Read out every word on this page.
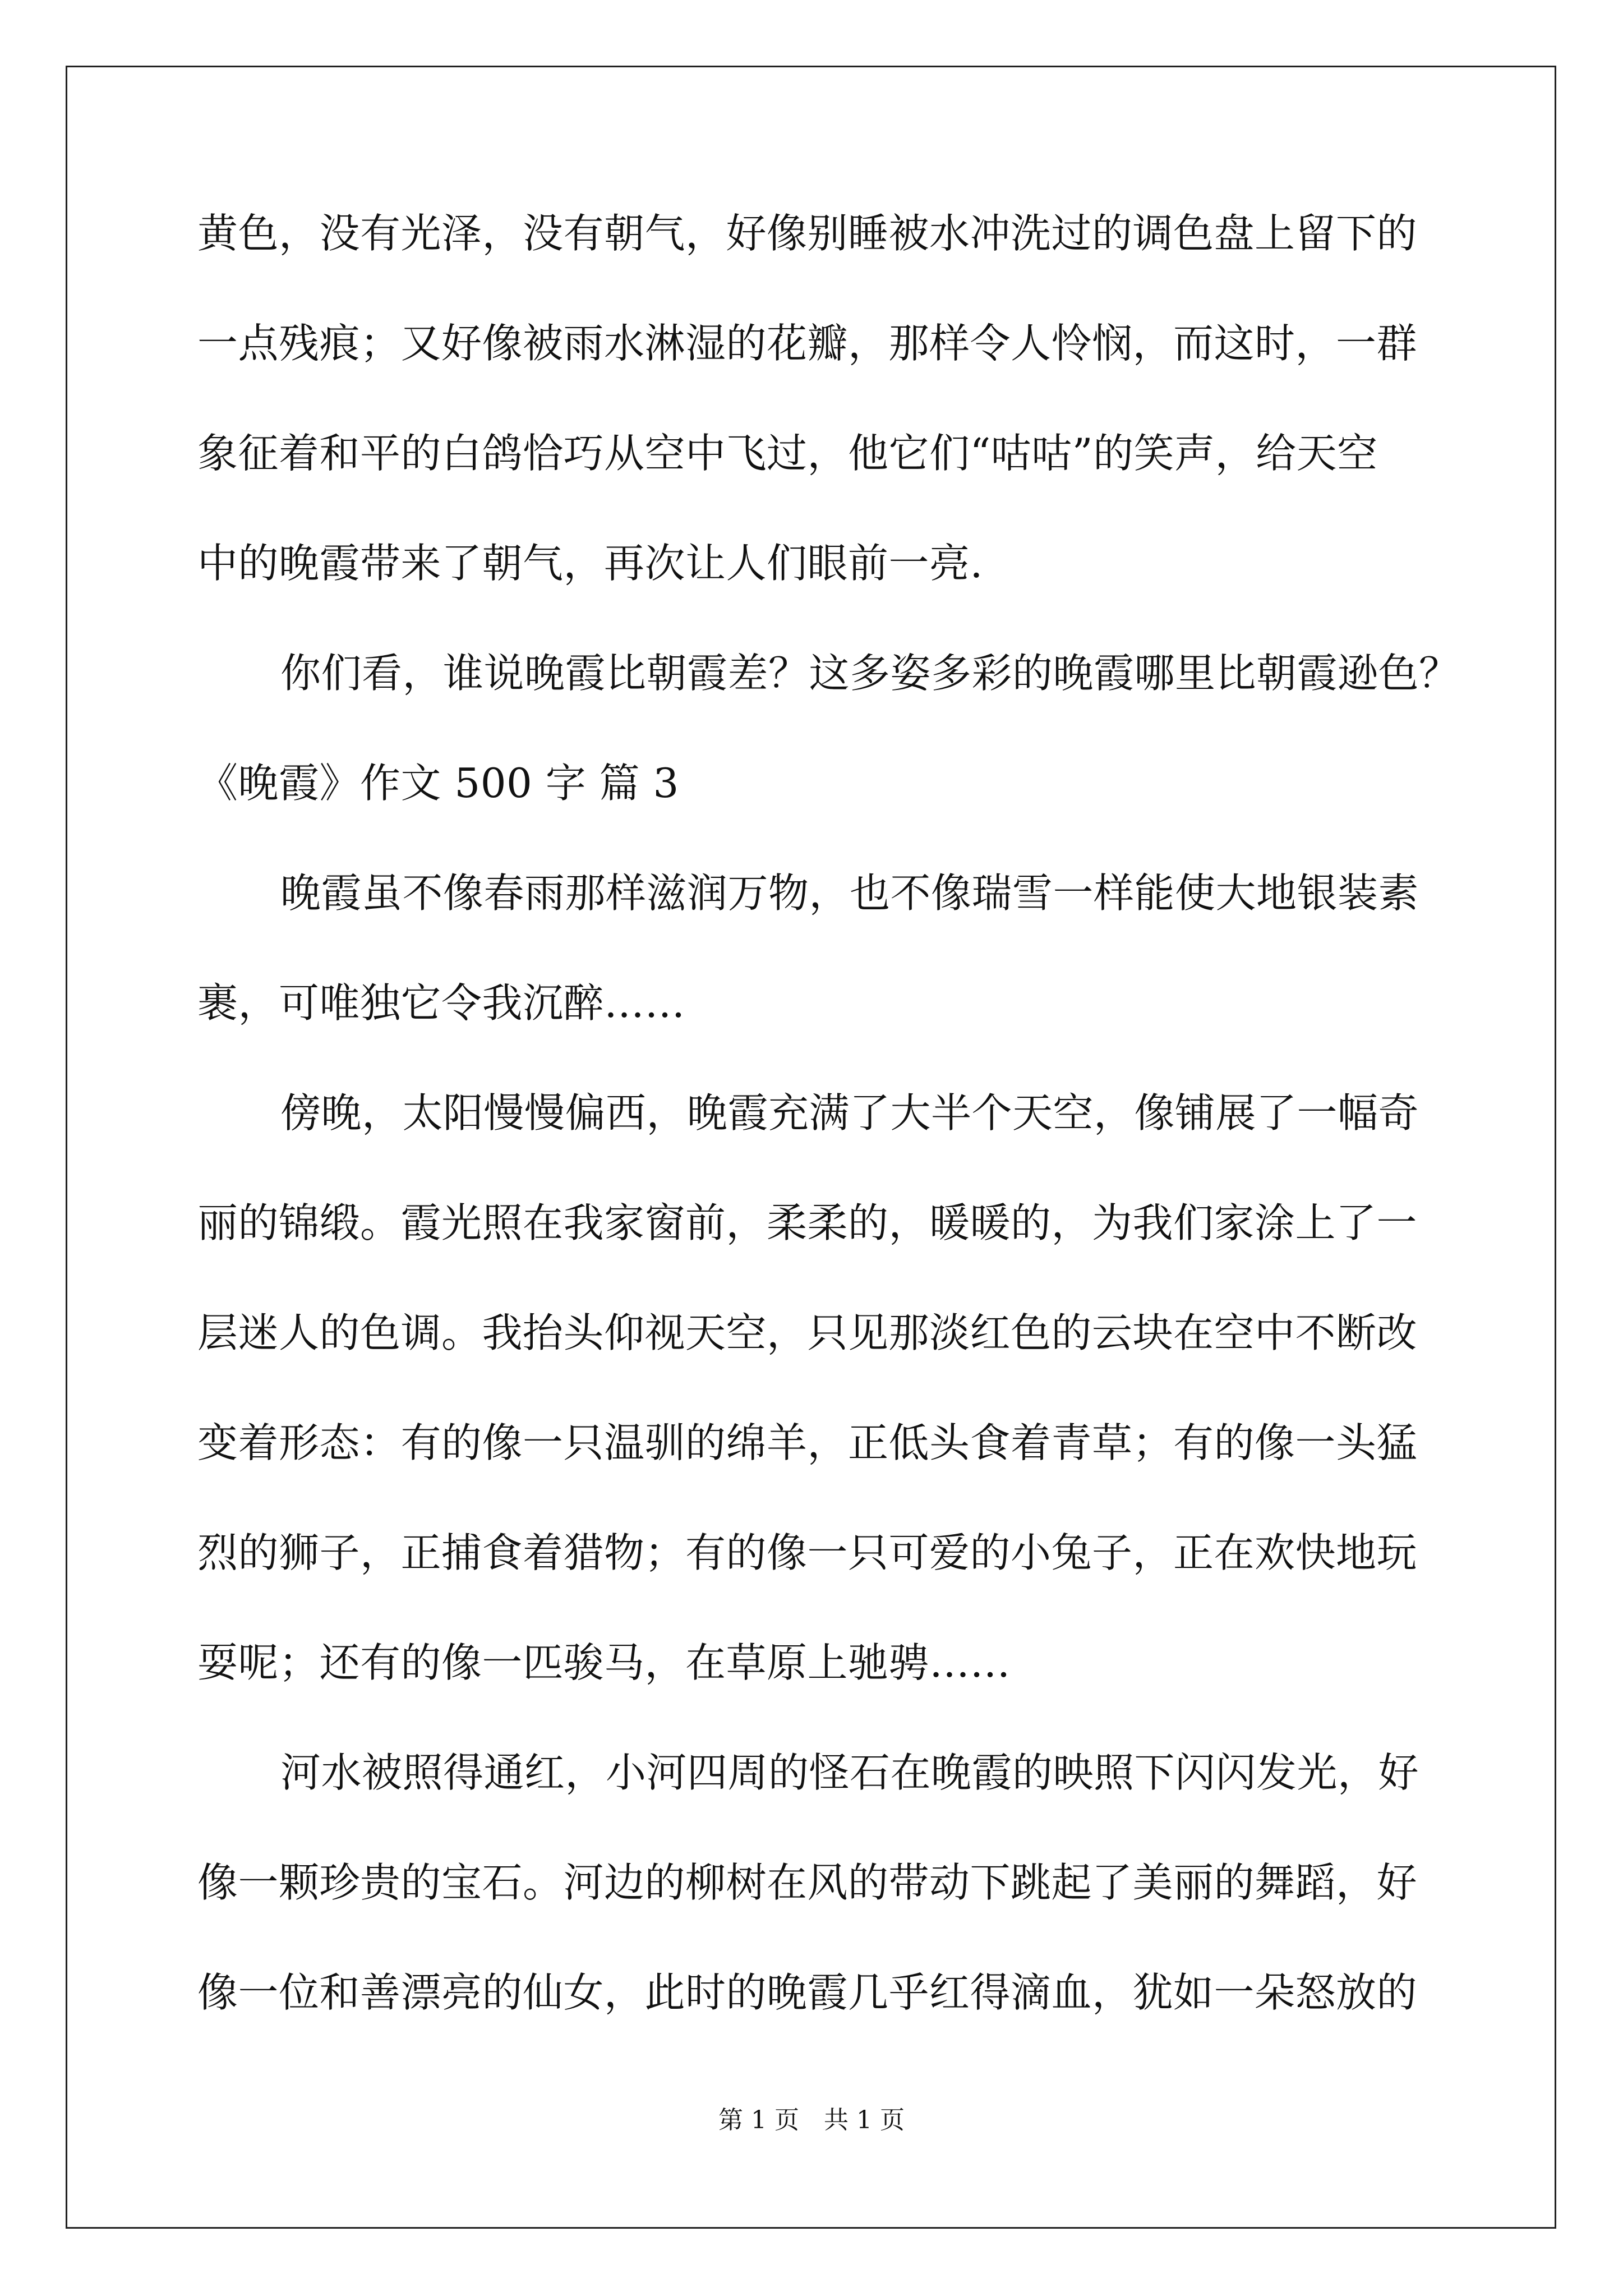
黄色，没有光泽，没有朝气，好像别睡被水冲洗过的调色盘上留下的
一点残痕；又好像被雨水淋湿的花瓣，那样令人怜悯，而这时，一群
象征着和平的白鸽恰巧从空中飞过，他它们“咕咕”的笑声，给天空
中的晚霞带来了朝气，再次让人们眼前一亮.
你们看，谁说晚霞比朝霞差？这多姿多彩的晚霞哪里比朝霞逊色？
《晚霞》作文 500 字 篇 3
晚霞虽不像春雨那样滋润万物，也不像瑞雪一样能使大地银装素
裹，可唯独它令我沉醉……
傍晚，太阳慢慢偏西，晚霞充满了大半个天空，像铺展了一幅奇
丽的锦缎。霞光照在我家窗前，柔柔的，暖暖的，为我们家涂上了一
层迷人的色调。我抬头仰视天空，只见那淡红色的云块在空中不断改
变着形态：有的像一只温驯的绵羊，正低头食着青草；有的像一头猛
烈的狮子，正捕食着猎物；有的像一只可爱的小兔子，正在欢快地玩
耍呢；还有的像一匹骏马，在草原上驰骋……
河水被照得通红，小河四周的怪石在晚霞的映照下闪闪发光，好
像一颗珍贵的宝石。河边的柳树在风的带动下跳起了美丽的舞蹈，好
像一位和善漂亮的仙女，此时的晚霞几乎红得滴血，犹如一朵怒放的
第 1 页 共 1 页
